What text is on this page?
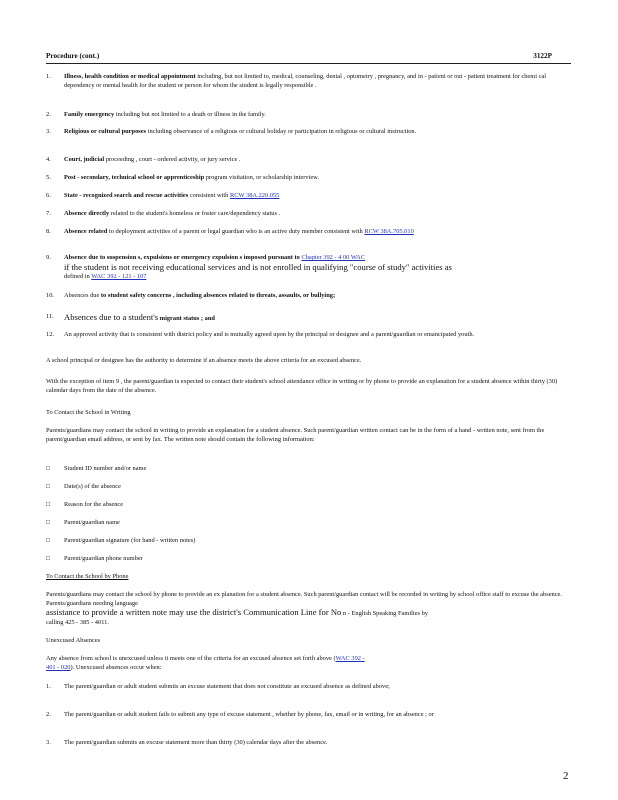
Procedure (cont.)	3122P
1.	Illness, health condition or medical appointment including, but not limited to, medical, counseling, dental , optometry , pregnancy, and in - patient or out - patient treatment for chemi cal dependency or mental health for the student or person for whom the student is legally responsible .
2.	Family emergency including but not limited to a death or illness in the family.
3.	Religious or cultural purposes including observance of a religious or cultural holiday or participation in religious or cultural instruction.
4.	Court, judicial proceeding , court - ordered activity, or jury service .
5.	Post - secondary, technical school or apprenticeship program visitation, or scholarship interview.
6.	State - recognized search and rescue activities consistent with RCW 38A.220.055
7.	Absence directly related to the student's homeless or foster care/dependency status .
8.	Absence related to deployment activities of a parent or legal guardian who is an active duty member consistent with RCW 38A.705.010
9.	Absence due to suspension s, expulsions or emergency expulsion s imposed pursuant to Chapter 392 - 4 00 WAC
if the student is not receiving educational services and is not enrolled in qualifying "course of study" activities as
defined in WAC 392 - 121 - 107
10.	Absences due to student safety concerns , including absences related to threats, assaults, or bullying;
11.	Absences due to a student's migrant status ; and
12.	An approved activity that is consistent with district policy and is mutually agreed upon by the principal or designee and a parent/guardian or emancipated youth.
A school principal or designee has the authority to determine if an absence meets the above criteria for an excused absence.
With the exception of item 9 , the parent/guardian is expected to contact their student's school attendance office in writing or by phone to provide an explanation for a student absence within thirty (30) calendar days from the date of the absence.
To Contact the School in Writing
Parents/guardians may contact the school in writing to provide an explanation for a student absence. Such parent/guardian written contact can be in the form of a hand - written note, sent from the parent/guardian email address, or sent by fax. The written note should contain the following information:
□ Student ID number and/or name
□ Date(s) of the absence
□ Reason for the absence
□ Parent/guardian name
□ Parent/guardian signature (for hand - written notes)
□ Parent/guardian phone number
To Contact the School by Phone
Parents/guardians may contact the school by phone to provide an ex planation for a student absence. Such parent/guardian contact will be recorded in writing by school office staff to excuse the absence. Parents/guardians needing language
assistance to provide a written note may use the district's Communication Line for No n - English Speaking Families by
calling 425 - 385 - 4011.
Unexcused Absences
Any absence from school is unexcused unless it meets one of the criteria for an excused absence set forth above (WAC 392 -
401 - 020). Unexcused absences occur when:
1.	The parent/guardian or adult student submits an excuse statement that does not constitute an excused absence as defined above;
2.	The parent/guardian or adult student fails to submit any type of excuse statement , whether by phone, fax, email or in writing, for an absence ; or
3.	The parent/guardian submits an excuse statement more than thirty (30) calendar days after the absence.
2
